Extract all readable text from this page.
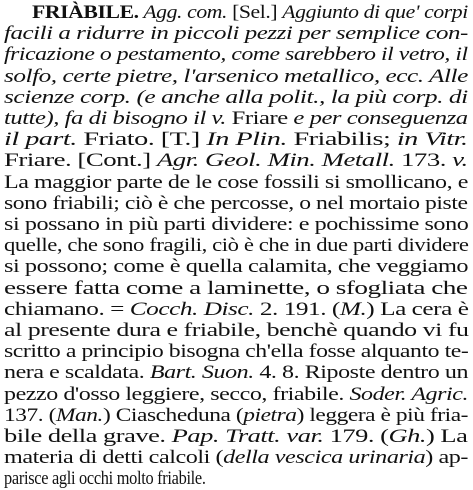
FRIÀBILE. Agg. com. [Sel.] Aggiunto di que' corpi
facili a ridurre in piccoli pezzi per semplice con-
fricazione o pestamento, come sarebbero il vetro, il
solfo, certe pietre, l'arsenico metallico, ecc. Alle
scienze corp. (e anche alla polit., la più corp. di
tutte), fa di bisogno il v. Friare e per conseguenza
il part. Friato. [T.] In Plin. Friabilis; in Vitr.
Friare. [Cont.] Agr. Geol. Min. Metall. 173. v.
La maggior parte de le cose fossili si smollicano, e
sono friabili; ciò è che percosse, o nel mortaio piste
si possano in più parti dividere: e pochissime sono
quelle, che sono fragili, ciò è che in due parti dividere
si possono; come è quella calamita, che veggiamo
essere fatta come a laminette, o sfogliata che
chiamano. = Cocch. Disc. 2. 191. (M.) La cera è
al presente dura e friabile, benchè quando vi fu
scritto a principio bisogna ch'ella fosse alquanto te-
nera e scaldata. Bart. Suon. 4. 8. Riposte dentro un
pezzo d'osso leggiere, secco, friabile. Soder. Agric.
137. (Man.) Ciascheduna (pietra) leggera è più fria-
bile della grave. Pap. Tratt. var. 179. (Gh.) La
materia di detti calcoli (della vescica urinaria) ap-
parisce agli occhi molto friabile.
